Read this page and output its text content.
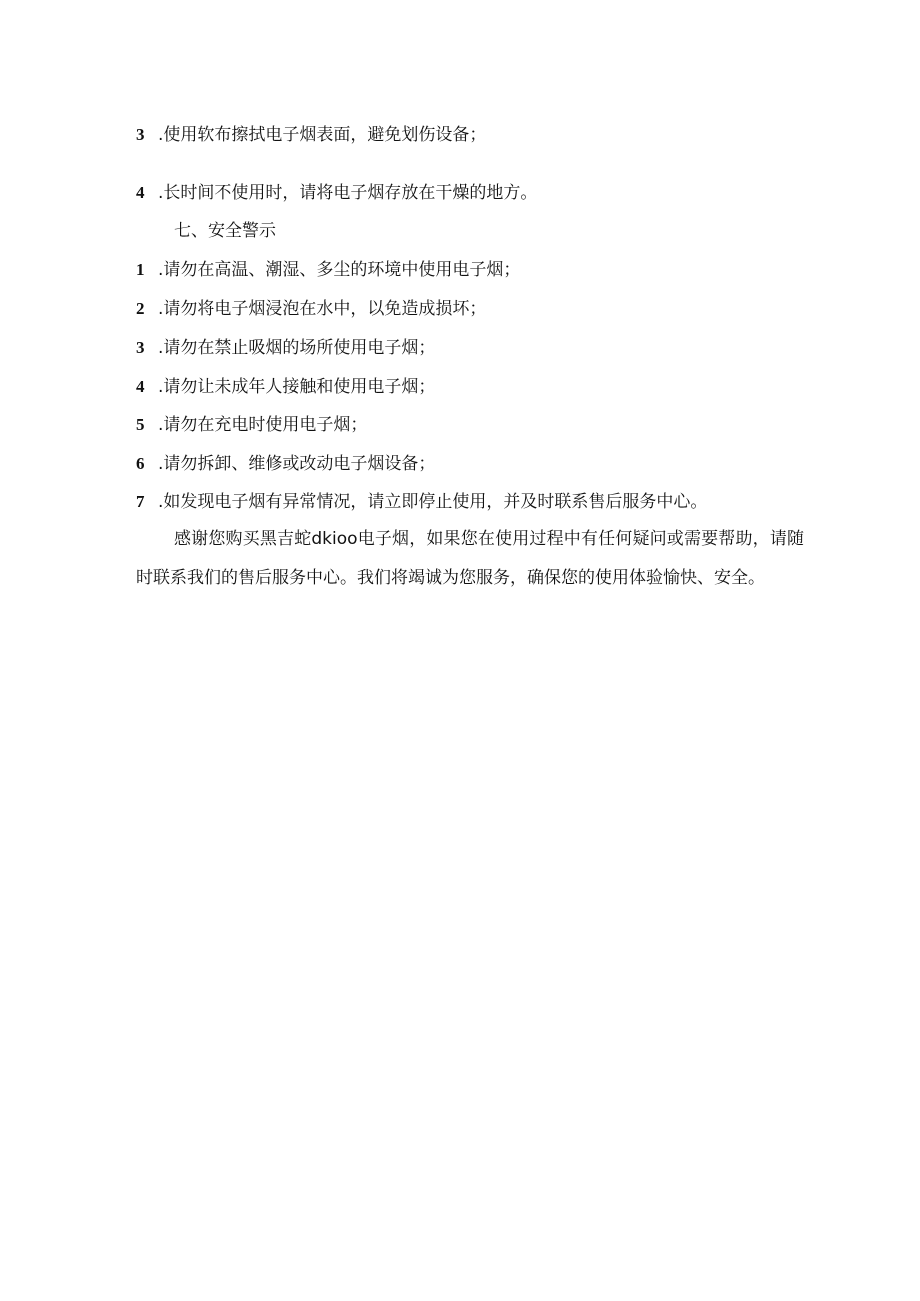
3 .使用软布擦拭电子烟表面，避免划伤设备；
4 .长时间不使用时，请将电子烟存放在干燥的地方。
七、安全警示
1 .请勿在高温、潮湿、多尘的环境中使用电子烟；
2 .请勿将电子烟浸泡在水中，以免造成损坏；
3 .请勿在禁止吸烟的场所使用电子烟；
4 .请勿让未成年人接触和使用电子烟；
5 .请勿在充电时使用电子烟；
6 .请勿拆卸、维修或改动电子烟设备；
7 .如发现电子烟有异常情况，请立即停止使用，并及时联系售后服务中心。
感谢您购买黑吉蛇dkioo电子烟，如果您在使用过程中有任何疑问或需要帮助，请随时联系我们的售后服务中心。我们将竭诚为您服务，确保您的使用体验愉快、安全。
